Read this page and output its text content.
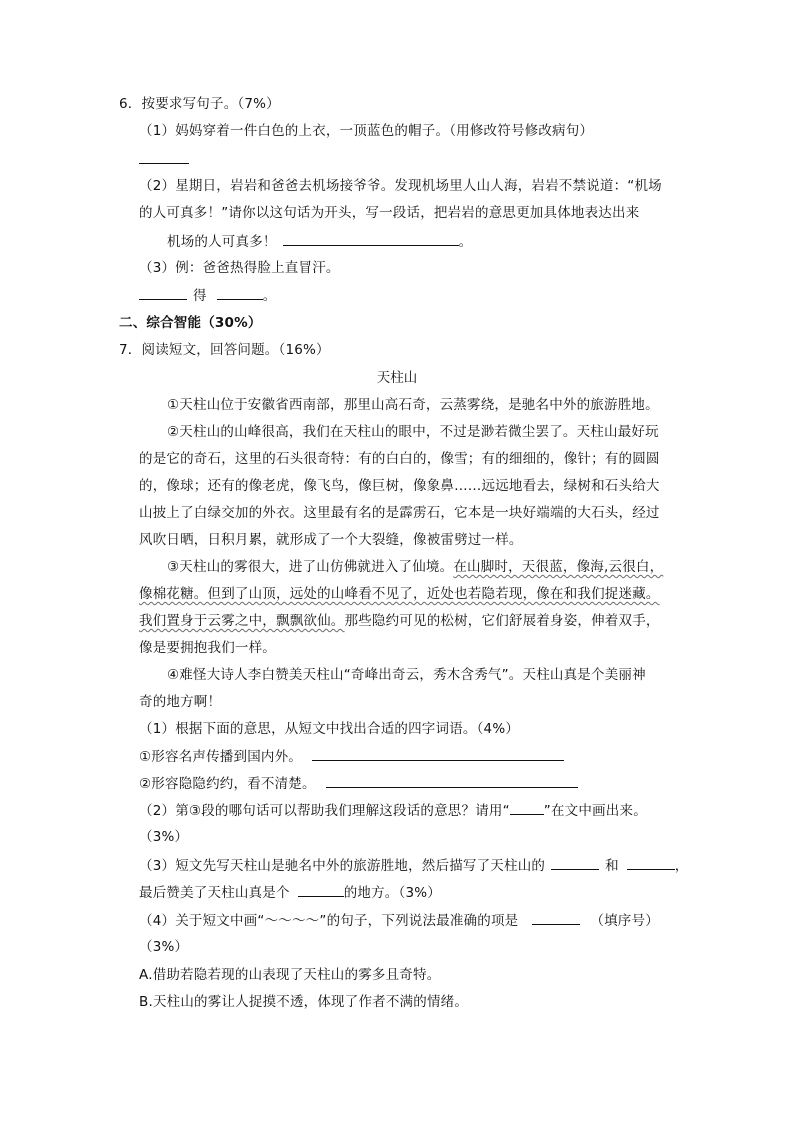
6．按要求写句子。（7%）
（1）妈妈穿着一件白色的上衣，一顶蓝色的帽子。（用修改符号修改病句）
（2）星期日，岩岩和爸爸去机场接爷爷。发现机场里人山人海，岩岩不禁说道：“机场
的人可真多！”请你以这句话为开头，写一段话，把岩岩的意思更加具体地表达出来
机场的人可真多！	。
（3）例：爸爸热得脸上直冒汗。
得	。
二、综合智能（30%）
7．阅读短文，回答问题。（16%）
天柱山
①天柱山位于安徽省西南部，那里山高石奇，云蒸雾绕，是驰名中外的旅游胜地。
②天柱山的山峰很高，我们在天柱山的眼中，不过是渺若微尘罢了。天柱山最好玩
的是它的奇石，这里的石头很奇特：有的白白的，像雪；有的细细的，像针；有的圆圆
的，像球；还有的像老虎，像飞鸟，像巨树，像象鼻……远远地看去，绿树和石头给大
山披上了白绿交加的外衣。这里最有名的是霹雳石，它本是一块好端端的大石头，经过
风吹日晒，日积月累，就形成了一个大裂缝，像被雷劈过一样。
③天柱山的雾很大，进了山仿佛就进入了仙境。在山脚时，天很蓝，像海,云很白，
像棉花糖。但到了山顶，远处的山峰看不见了，近处也若隐若现，像在和我们捉迷藏。
我们置身于云雾之中，飘飘欲仙。那些隐约可见的松树，它们舒展着身姿，伸着双手，
像是要拥抱我们一样。
④难怪大诗人李白赞美天柱山“奇峰出奇云，秀木含秀气”。天柱山真是个美丽神
奇的地方啊！
（1）根据下面的意思，从短文中找出合适的四字词语。（4%）
①形容名声传播到国内外。
②形容隐隐约约，看不清楚。
（2）第③段的哪句话可以帮助我们理解这段话的意思？请用“	”在文中画出来。
（3%）
（3）短文先写天柱山是驰名中外的旅游胜地，然后描写了天柱山的	和	，
最后赞美了天柱山真是个	的地方。（3%）
（4）关于短文中画“～～～～”的句子，下列说法最准确的项是	（填序号）
（3%）
A.借助若隐若现的山表现了天柱山的雾多且奇特。
B.天柱山的雾让人捉摸不透，体现了作者不满的情绪。
